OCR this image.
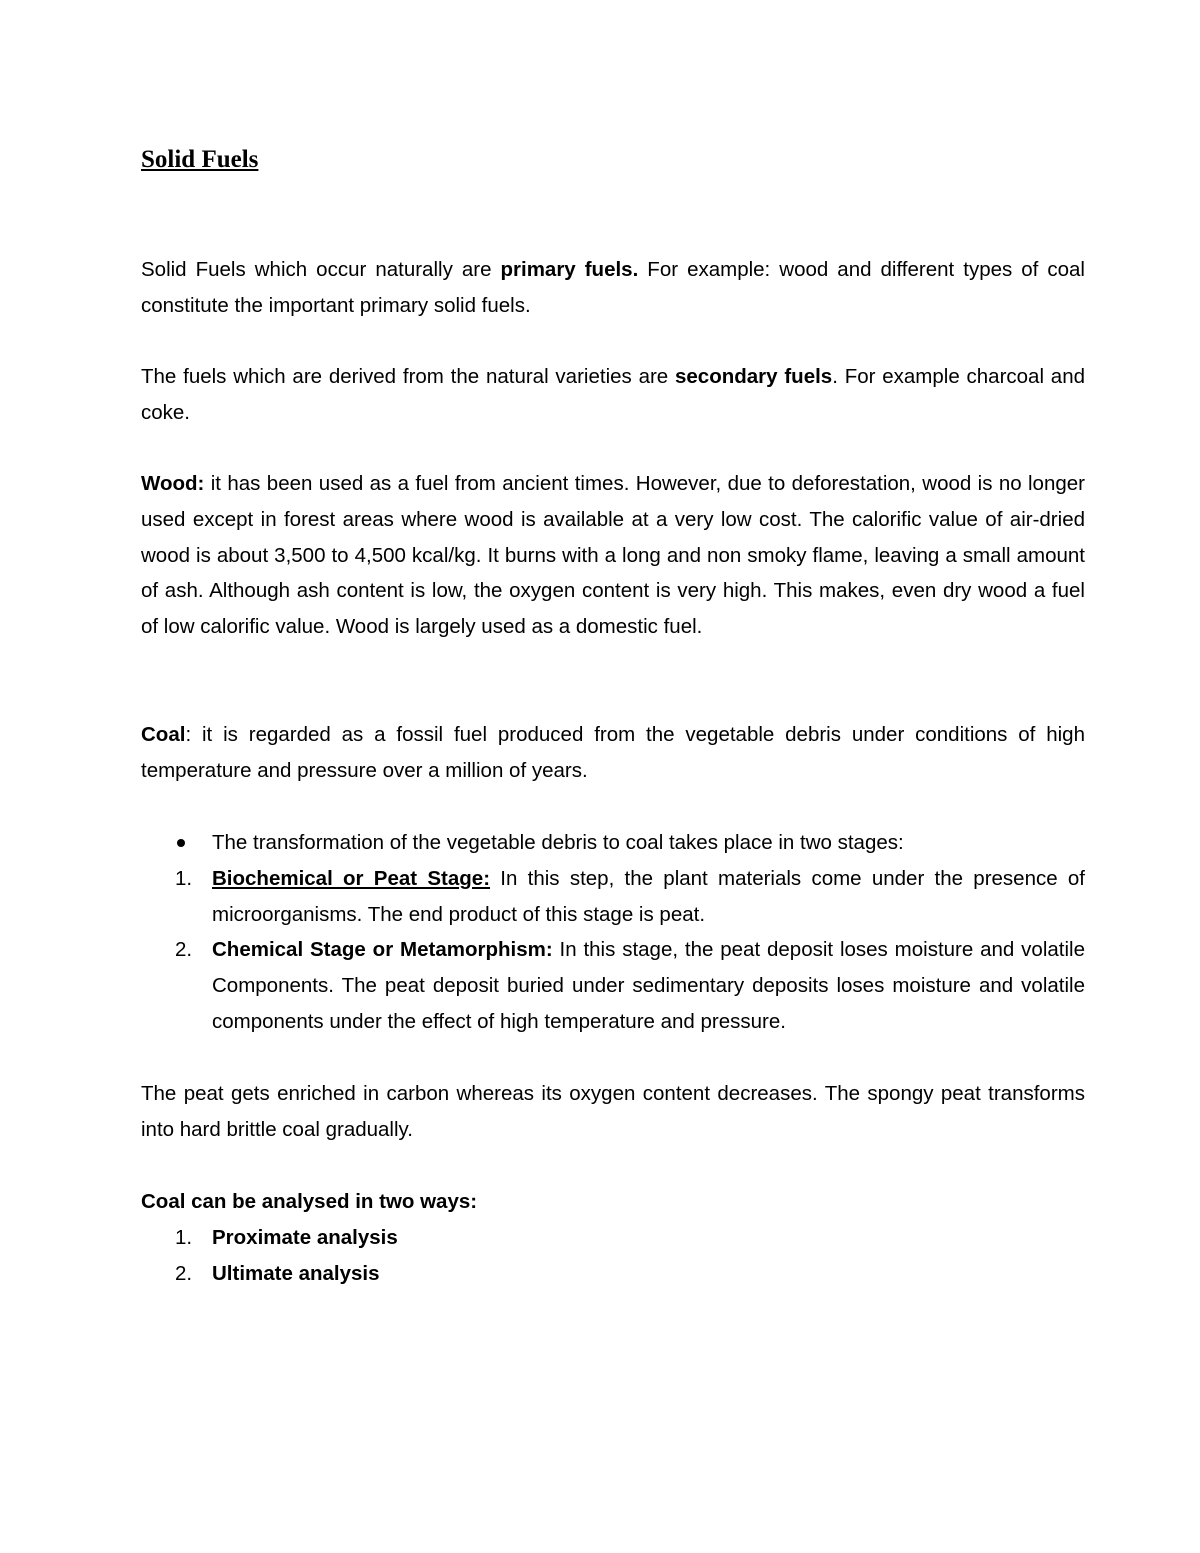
Solid Fuels

Solid Fuels which occur naturally are primary fuels. For example: wood and different types of coal constitute the important primary solid fuels.

The fuels which are derived from the natural varieties are secondary fuels. For example charcoal and coke.

Wood: it has been used as a fuel from ancient times. However, due to deforestation, wood is no longer used except in forest areas where wood is available at a very low cost. The calorific value of air-dried wood is about 3,500 to 4,500 kcal/kg. It burns with a long and non smoky flame, leaving a small amount of ash. Although ash content is low, the oxygen content is very high. This makes, even dry wood a fuel of low calorific value. Wood is largely used as a domestic fuel.

Coal: it is regarded as a fossil fuel produced from the vegetable debris under conditions of high temperature and pressure over a million of years.

The transformation of the vegetable debris to coal takes place in two stages:
1. Biochemical or Peat Stage: In this step, the plant materials come under the presence of microorganisms. The end product of this stage is peat.
2. Chemical Stage or Metamorphism: In this stage, the peat deposit loses moisture and volatile Components. The peat deposit buried under sedimentary deposits loses moisture and volatile components under the effect of high temperature and pressure.

The peat gets enriched in carbon whereas its oxygen content decreases. The spongy peat transforms into hard brittle coal gradually.

Coal can be analysed in two ways:

1. Proximate analysis
2. Ultimate analysis
